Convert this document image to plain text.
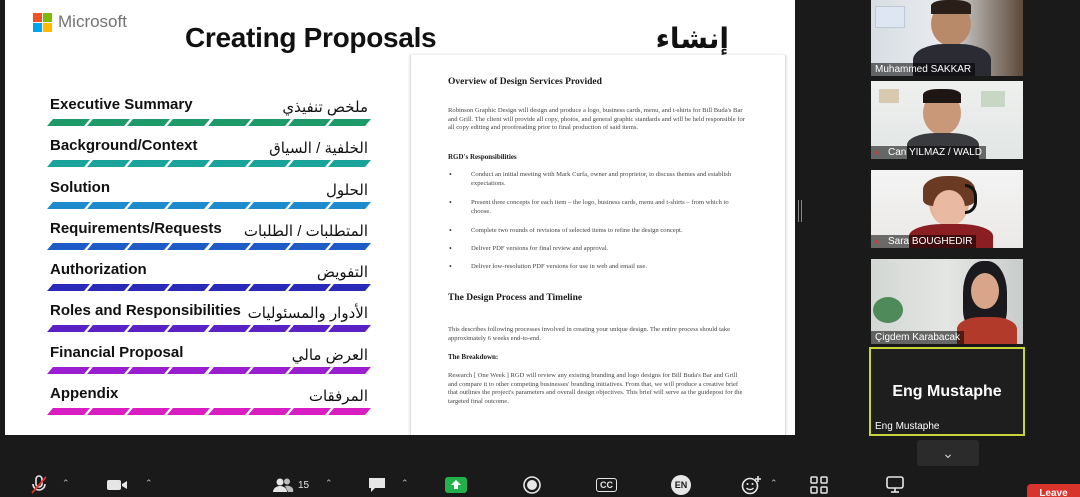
Microsoft
Creating Proposals	إنشاء
Executive Summary	ملخص تنفيذي
Background/Context	الخلفية / السياق
Solution	الحلول
Requirements/Requests المتطلبات / الطلبات
Authorization	التفويض
Roles and Responsibilities الأدوار والمسئوليات
Financial Proposal	العرض مالي
Appendix	المرفقات
Overview of Design Services Provided
Robinson Graphic Design will design and produce a logo, business cards, menu, and t-shirts for Bill Buda's Bar and Grill. The client will provide all copy, photos, and general graphic standards and will be held responsible for all copy editing and proofreading prior to final production of said items.
RGD's Responsibilities
• Conduct an initial meeting with Mark Curfa, owner and proprietor, to discuss themes and establish expectations.
• Present three concepts for each item – the logo, business cards, menu and t-shirts – from which to choose.
• Complete two rounds of revisions of selected items to refine the design concept.
• Deliver PDF versions for final review and approval.
• Deliver low-resolution PDF versions for use in web and email use.
The Design Process and Timeline
This describes following processes involved in creating your unique design. The entire process should take approximately 6 weeks end-to-end.
The Breakdown:
Research [ One Week ] RGD will review any existing branding and logo designs for Bill Buda's Bar and Grill and compare it to other competing businesses' branding initiatives. From that, we will produce a creative brief that outlines the project's parameters and overall design objectives. This brief will serve as the guidepost for the targeted final outcome.
Muhammed SAKKAR
🔇︎ Can YILMAZ / WALD
🔇︎ Sara BOUGHEDIR
Çigdem Karabacak
Eng Mustaphe
Eng Mustaphe
⌄
⌃	⌃	15 ⌃	⌃	CC	EN	⌃
Leave
